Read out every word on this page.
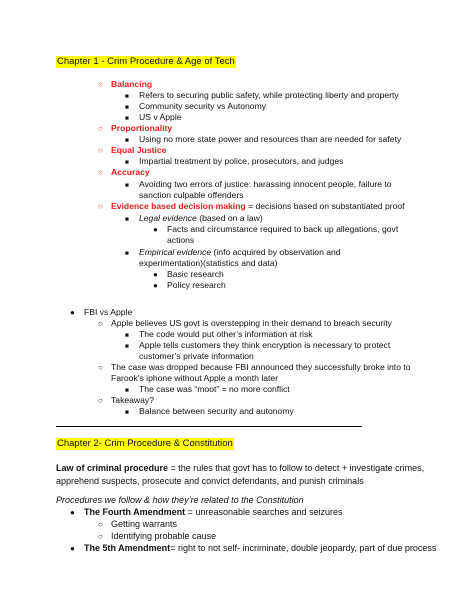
Chapter 1 - Crim Procedure & Age of Tech
○ Balancing
■ Refers to securing public safety, while protecting liberty and property
■ Community security vs Autonomy
■ US v Apple
○ Proportionality
■ Using no more state power and resources than are needed for safety
○ Equal Justice
■ Impartial treatment by police, prosecutors, and judges
○ Accuracy
■ Avoiding two errors of justice: harassing innocent people, failure to
sanction culpable offenders
○ Evidence based decision making = decisions based on substantiated proof
■ Legal evidence (based on a law)
● Facts and circumstance required to back up allegations, govt
actions
■ Empirical evidence (info acquired by observation and
experimentation)(statistics and data)
● Basic research
● Policy research
● FBI vs Apple
○ Apple believes US govt is overstepping in their demand to breach security
■ The code would put other’s information at risk
■ Apple tells customers they think encryption is necessary to protect
customer’s private information
○ The case was dropped because FBI announced they successfully broke into to
Farook’s iphone without Apple a month later
■ The case was “moot” = no more conflict
○ Takeaway?
■ Balance between security and autonomy
Chapter 2- Crim Procedure & Constitution
Law of criminal procedure = the rules that govt has to follow to detect + investigate crimes,
apprehend suspects, prosecute and convict defendants, and punish criminals
Procedures we follow & how they’re related to the Constitution
● The Fourth Amendment = unreasonable searches and seizures
○ Getting warrants
○ Identifying probable cause
● The 5th Amendment= right to not self- incriminate, double jeopardy, part of due process
